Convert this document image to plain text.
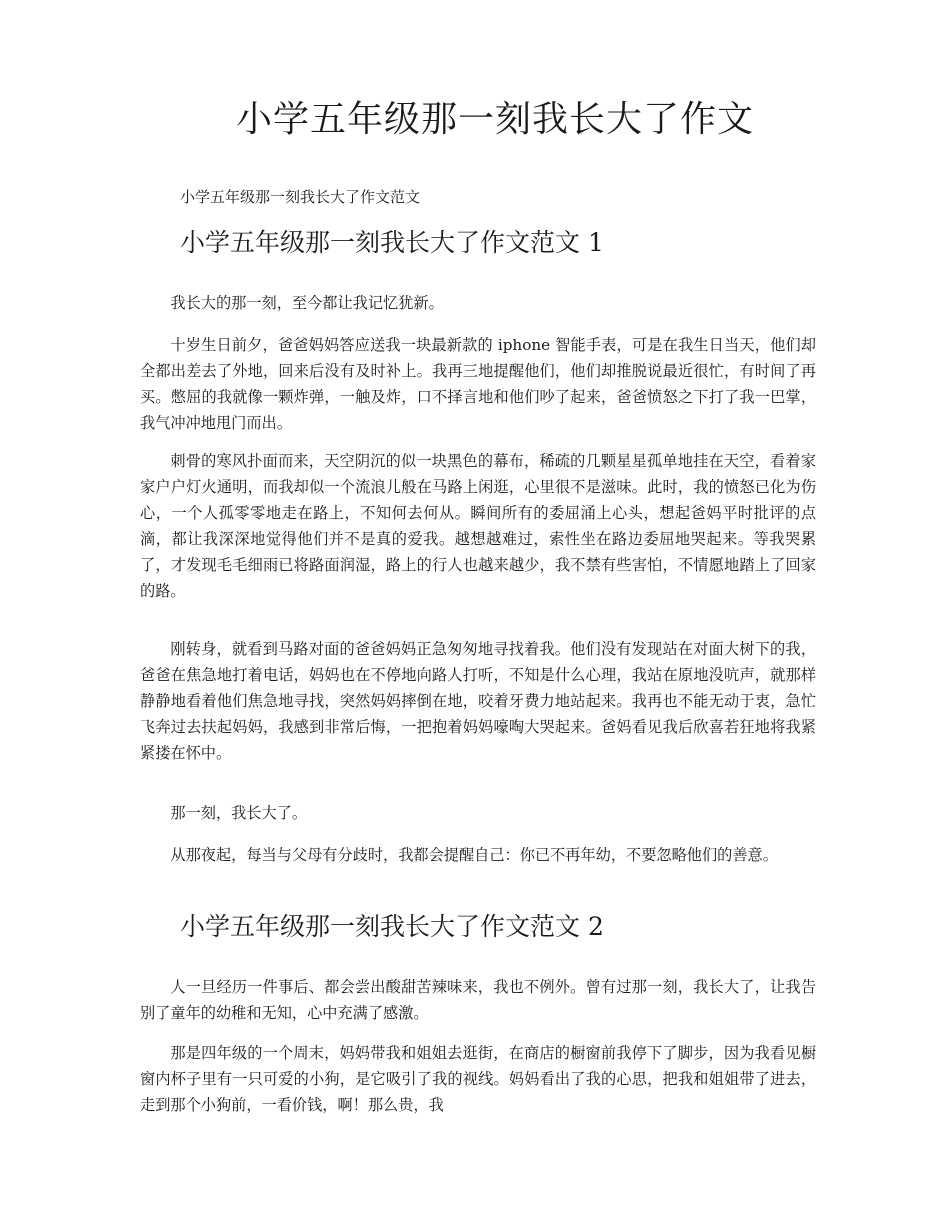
小学五年级那一刻我长大了作文

小学五年级那一刻我长大了作文范文

小学五年级那一刻我长大了作文范文 1

我长大的那一刻，至今都让我记忆犹新。

十岁生日前夕，爸爸妈妈答应送我一块最新款的 iphone 智能手表，可是在我生日当天，他们却全都出差去了外地，回来后没有及时补上。我再三地提醒他们，他们却推脱说最近很忙，有时间了再买。憋屈的我就像一颗炸弹，一触及炸，口不择言地和他们吵了起来，爸爸愤怒之下打了我一巴掌，我气冲冲地甩门而出。

刺骨的寒风扑面而来，天空阴沉的似一块黑色的幕布，稀疏的几颗星星孤单地挂在天空，看着家家户户灯火通明，而我却似一个流浪儿般在马路上闲逛，心里很不是滋味。此时，我的愤怒已化为伤心，一个人孤零零地走在路上，不知何去何从。瞬间所有的委屈涌上心头，想起爸妈平时批评的点滴，都让我深深地觉得他们并不是真的爱我。越想越难过，索性坐在路边委屈地哭起来。等我哭累了，才发现毛毛细雨已将路面润湿，路上的行人也越来越少，我不禁有些害怕，不情愿地踏上了回家的路。

刚转身，就看到马路对面的爸爸妈妈正急匆匆地寻找着我。他们没有发现站在对面大树下的我，爸爸在焦急地打着电话，妈妈也在不停地向路人打听，不知是什么心理，我站在原地没吭声，就那样静静地看着他们焦急地寻找，突然妈妈摔倒在地，咬着牙费力地站起来。我再也不能无动于衷，急忙飞奔过去扶起妈妈，我感到非常后悔，一把抱着妈妈嚎啕大哭起来。爸妈看见我后欣喜若狂地将我紧紧搂在怀中。

那一刻，我长大了。

从那夜起，每当与父母有分歧时，我都会提醒自己：你已不再年幼，不要忽略他们的善意。

小学五年级那一刻我长大了作文范文 2

人一旦经历一件事后、都会尝出酸甜苦辣味来，我也不例外。曾有过那一刻，我长大了，让我告别了童年的幼稚和无知，心中充满了感激。

那是四年级的一个周末，妈妈带我和姐姐去逛街，在商店的橱窗前我停下了脚步，因为我看见橱窗内杯子里有一只可爱的小狗，是它吸引了我的视线。妈妈看出了我的心思，把我和姐姐带了进去，走到那个小狗前，一看价钱，啊！那么贵，我
